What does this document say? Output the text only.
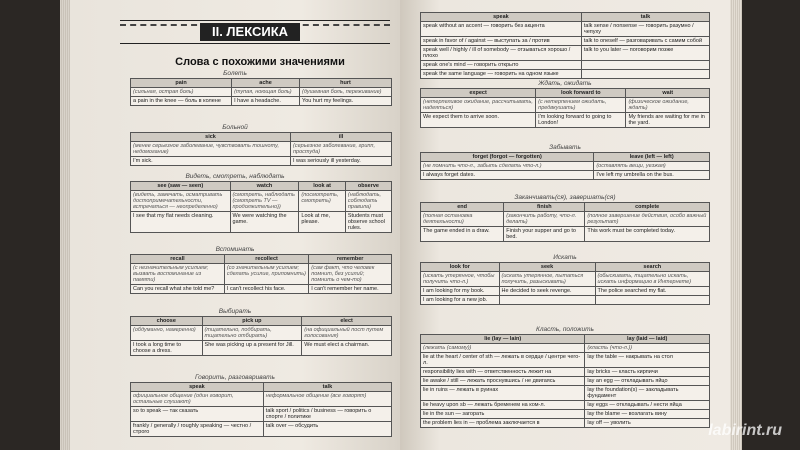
II. ЛЕКСИКА
Слова с похожими значениями
Болеть
pain	ache	hurt
(сильная, острая боль)	(тупая, ноющая боль)	(душевная боль, переживание)
a pain in the knee — боль в колене	I have a headache.	You hurt my feelings.
Больной
sick	ill
(менее серьезное заболевание, чувствовать тошноту, недомогание)	(серьезное заболевание, грипп, простуда)
I'm sick.	I was seriously ill yesterday.
Видеть, смотреть, наблюдать
see (saw — seen)	watch	look at	observe
(видеть, замечать, осматривать достопримечательности, встречаться — неопределенно)	(смотреть, наблюдать (смотреть TV — продолжительно))	(посмотреть, смотреть)	(наблюдать, соблюдать правила)
I see that my flat needs cleaning.	We were watching the game.	Look at me, please.	Students must observe school rules.
Вспоминать
recall	recollect	remember
(с незначительным усилием; вызвать воспоминание из памяти)	(со значительным усилием; сделать усилие, припомнить)	(сам факт, что человек помнит, без усилий; помнить о чем-то)
Can you recall what she told me?	I can't recollect his face.	I can't remember her name.
Выбирать
choose	pick up	elect
(обдуманно, намеренно)	(тщательно, подбирать, тщательно отбирать)	(на официальный пост путем голосования)
I took a long time to choose a dress.	She was picking up a present for Jill.	We must elect a chairman.
Говорить, разговаривать
speak	talk
официальное общение (один говорит, остальные слушают)	неформальное общение (все говорят)
so to speak — так сказать	talk sport / politics / business — говорить о спорте / политике
frankly / generally / roughly speaking — честно / строго	talk over — обсудить
speak	talk
speak without an accent — говорить без акцента	talk sense / nonsense — говорить разумно / чепуху
speak in favor of / against — выступать за / против	talk to oneself — разговаривать с самим собой
speak well / highly / ill of somebody — отзываться хорошо / плохо	talk to you later — поговорим позже
speak one's mind — говорить открыто	
speak the same language — говорить на одном языке	
Ждать, ожидать
expect	look forward to	wait
(нетерпеливое ожидание, рассчитывать, надеяться)	(с нетерпением ожидать, предвкушать)	(физическое ожидание, ждать)
We expect them to arrive soon.	I'm looking forward to going to London!	My friends are waiting for me in the yard.
Забывать
forget (forgot — forgotten)	leave (left — left)
(не помнить что-л., забыть сделать что-л.)	(оставлять вещи, уезжая)
I always forget dates.	I've left my umbrella on the bus.
Заканчивать(ся), завершать(ся)
end	finish	complete
(полная остановка деятельности)	(закончить работу, что-л. делать)	(полное завершение действия, особо важный результат)
The game ended in a draw.	Finish your supper and go to bed.	This work must be completed today.
Искать
look for	seek	search
(искать утерянное, чтобы получить что-л.)	(искать утерянное, пытаться получить, разыскивать)	(обыскивать, тщательно искать, искать информацию в Интернете)
I am looking for my book.	He decided to seek revenge.	The police searched my flat.
I am looking for a new job.		
Класть, положить
lie (lay — lain)	lay (laid — laid)
(лежать (самому))	(класть (что-л.))
lie at the heart / center of sth — лежать в сердце / центре чего-л.	lay the table — накрывать на стол
responsibility lies with — ответственность лежит на	lay bricks — класть кирпичи
lie awake / still — лежать проснувшись / не двигаясь	lay an egg — откладывать яйцо
lie in ruins — лежать в руинах	lay the foundation(s) — закладывать фундамент
lie heavy upon sb — лежать бременем на ком-л.	lay eggs — откладывать / нести яйца
lie in the sun — загорать	lay the blame — возлагать вину
the problem lies in — проблема заключается в	lay off — уволить	labirint.ru
